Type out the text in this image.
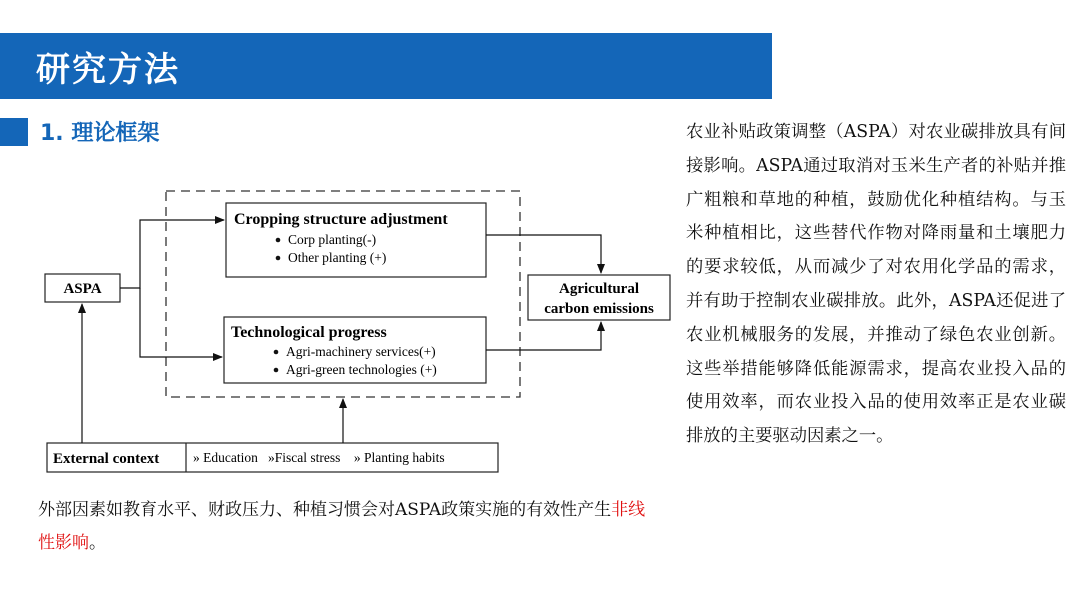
研究方法
1. 理论框架
ASPA
Cropping structure adjustment
Corp planting(-)
Other planting (+)
Technological progress
Agri-machinery services(+)
Agri-green technologies (+)
Agricultural
carbon emissions
External context	» Education   »Fiscal stress    » Planting habits
外部因素如教育水平、财政压力、种植习惯会对ASPA政策实施的有效性产生非线性影响。
农业补贴政策调整（ASPA）对农业碳排放具有间接影响。ASPA通过取消对玉米生产者的补贴并推广粗粮和草地的种植，鼓励优化种植结构。与玉米种植相比，这些替代作物对降雨量和土壤肥力的要求较低，从而减少了对农用化学品的需求，并有助于控制农业碳排放。此外，ASPA还促进了农业机械服务的发展，并推动了绿色农业创新。这些举措能够降低能源需求，提高农业投入品的使用效率，而农业投入品的使用效率正是农业碳排放的主要驱动因素之一。
